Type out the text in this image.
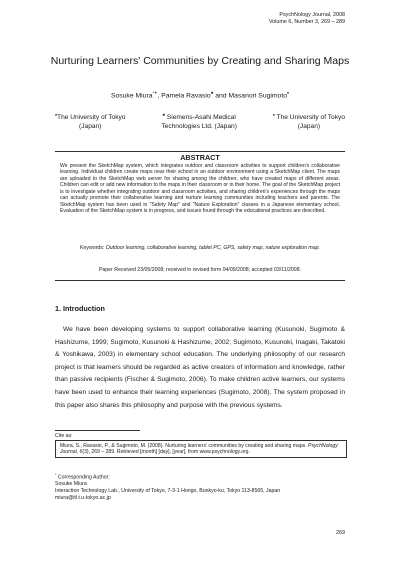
PsychNology Journal, 2008
Volume 6, Number 3, 269 – 289
Nurturing Learners' Communities by Creating and Sharing Maps
Sosuke Miura*✦, Pamela Ravasio♣ and Masanori Sugimoto♦
♦The University of Tokyo
(Japan)
♣ Siemens-Asahi Medical
Technologies Ltd. (Japan)
♦ The University of Tokyo
(Japan)
ABSTRACT
We present the SketchMap system, which integrates outdoor and classroom activities to support children's collaborative learning. Individual children create maps near their school in an outdoor environment using a SketchMap client. The maps are uploaded to the SketchMap web server for sharing among the children, who have created maps of different areas. Children can edit or add new information to the maps in their classroom or in their home. The goal of the SketchMap project is to investigate whether integrating outdoor and classroom activities, and sharing children's experiences through the maps can actually promote their collaborative learning and nurture learning communities including teachers and parents. The SketchMap system has been used in "Safety Map" and "Nature Exploration" classes in a Japanese elementary school. Evaluation of the SketchMap system is in progress, and issues found through the educational practices are described.
Keywords: Outdoor learning, collaborative learning, tablet PC, GPS, safety map, nature exploration map.
Paper Received 23/05/2008; received in revised form 04/09/2008; accepted 03/11/2008.
1. Introduction
We have been developing systems to support collaborative learning (Kusunoki, Sugimoto & Hashizume, 1999; Sugimoto, Kusunoki & Hashizume, 2002; Sugimoto, Kusunoki, Inagaki, Takatoki & Yoshikawa, 2003) in elementary school education. The underlying philosophy of our research project is that learners should be regarded as active creators of information and knowledge, rather than passive recipients (Fischer & Sugimoto, 2006). To make children active learners, our systems have been used to enhance their learning experiences (Sugimoto, 2008). The system proposed in this paper also shares this philosophy and purpose with the previous systems.
Cite as:
Miura, S., Ravasio, P., & Sugimoto, M. (2008). Nurturing learners' communities by creating and sharing maps. PsychNology Journal, 6(3), 269 – 289. Retrieved [month] [day], [year], from www.psychnology.org.
* Corresponding Author:
Sosuke Miura
Interaction Technology Lab., University of Tokyo, 7-3-1 Hongo, Bunkyo-ku, Tokyo 113-8565, Japan
miura@itl.t.u-tokyo.ac.jp
269
